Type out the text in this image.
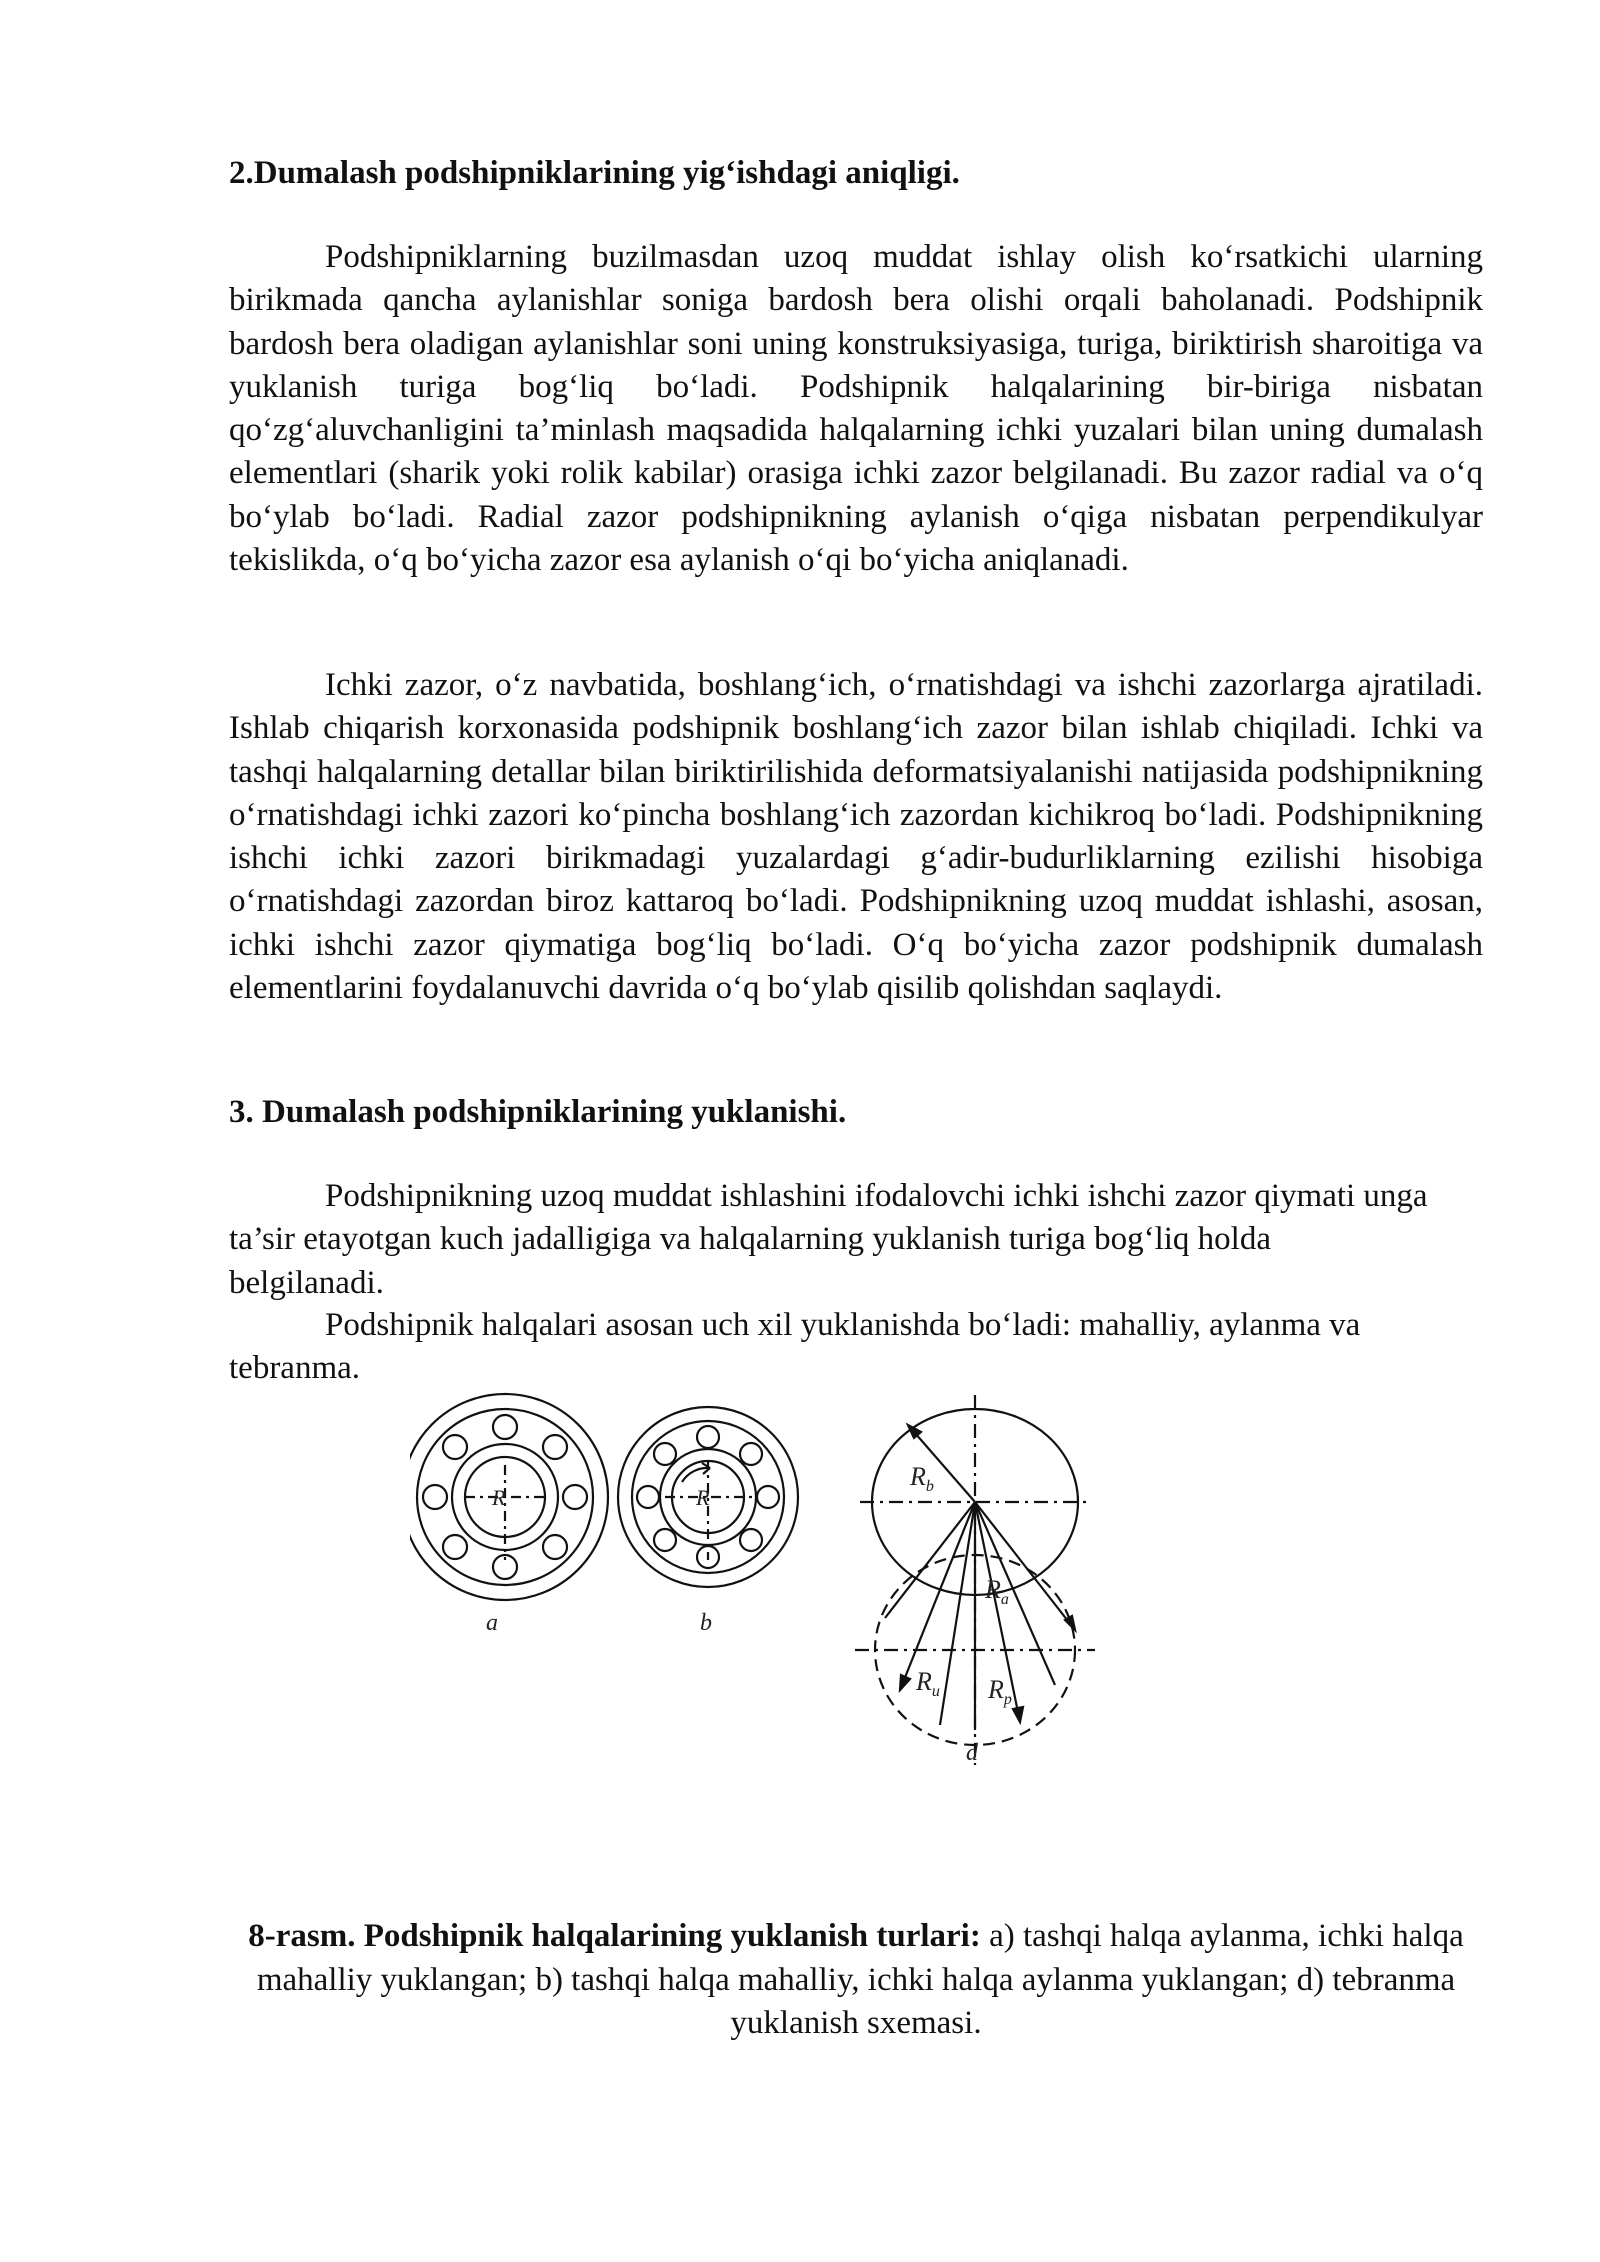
2.Dumalash podshipniklarining yig‘ishdagi aniqligi.

Podshipniklarning buzilmasdan uzoq muddat ishlay olish ko‘rsatkichi ularning birikmada qancha aylanishlar soniga bardosh bera olishi orqali baholanadi. Podshipnik bardosh bera oladigan aylanishlar soni uning konstruksiyasiga, turiga, biriktirish sharoitiga va yuklanish turiga bog‘liq bo‘ladi. Podshipnik halqalarining bir-biriga nisbatan qo‘zg‘aluvchanligini ta’minlash maqsadida halqalarning ichki yuzalari bilan uning dumalash elementlari (sharik yoki rolik kabilar) orasiga ichki zazor belgilanadi. Bu zazor radial va o‘q bo‘ylab bo‘ladi. Radial zazor podshipnikning aylanish o‘qiga nisbatan perpendikulyar tekislikda, o‘q bo‘yicha zazor esa aylanish o‘qi bo‘yicha aniqlanadi.

Ichki zazor, o‘z navbatida, boshlang‘ich, o‘rnatishdagi va ishchi zazorlarga ajratiladi. Ishlab chiqarish korxonasida podshipnik boshlang‘ich zazor bilan ishlab chiqiladi. Ichki va tashqi halqalarning detallar bilan biriktirilishida deformatsiyalanishi natijasida podshipnikning o‘rnatishdagi ichki zazori ko‘pincha boshlang‘ich zazordan kichikroq bo‘ladi. Podshipnikning ishchi ichki zazori birikmadagi yuzalardagi g‘adir-budurliklarning ezilishi hisobiga o‘rnatishdagi zazordan biroz kattaroq bo‘ladi. Podshipnikning uzoq muddat ishlashi, asosan, ichki ishchi zazor qiymatiga bog‘liq bo‘ladi. O‘q bo‘yicha zazor podshipnik dumalash elementlarini foydalanuvchi davrida o‘q bo‘ylab qisilib qolishdan saqlaydi.

3. Dumalash podshipniklarining yuklanishi.

Podshipnikning uzoq muddat ishlashini ifodalovchi ichki ishchi zazor qiymati unga ta’sir etayotgan kuch jadalligiga va halqalarning yuklanish turiga bog‘liq holda belgilanadi.

Podshipnik halqalari asosan uch xil yuklanishda bo‘ladi: mahalliy, aylanma va tebranma.

R	R
a	b
d
$R_b$
$R_a$
$R_u$ $R_p$

8-rasm. Podshipnik halqalarining yuklanish turlari: a) tashqi halqa aylanma, ichki halqa mahalliy yuklangan; b) tashqi halqa mahalliy, ichki halqa aylanma yuklangan; d) tebranma yuklanish sxemasi.
